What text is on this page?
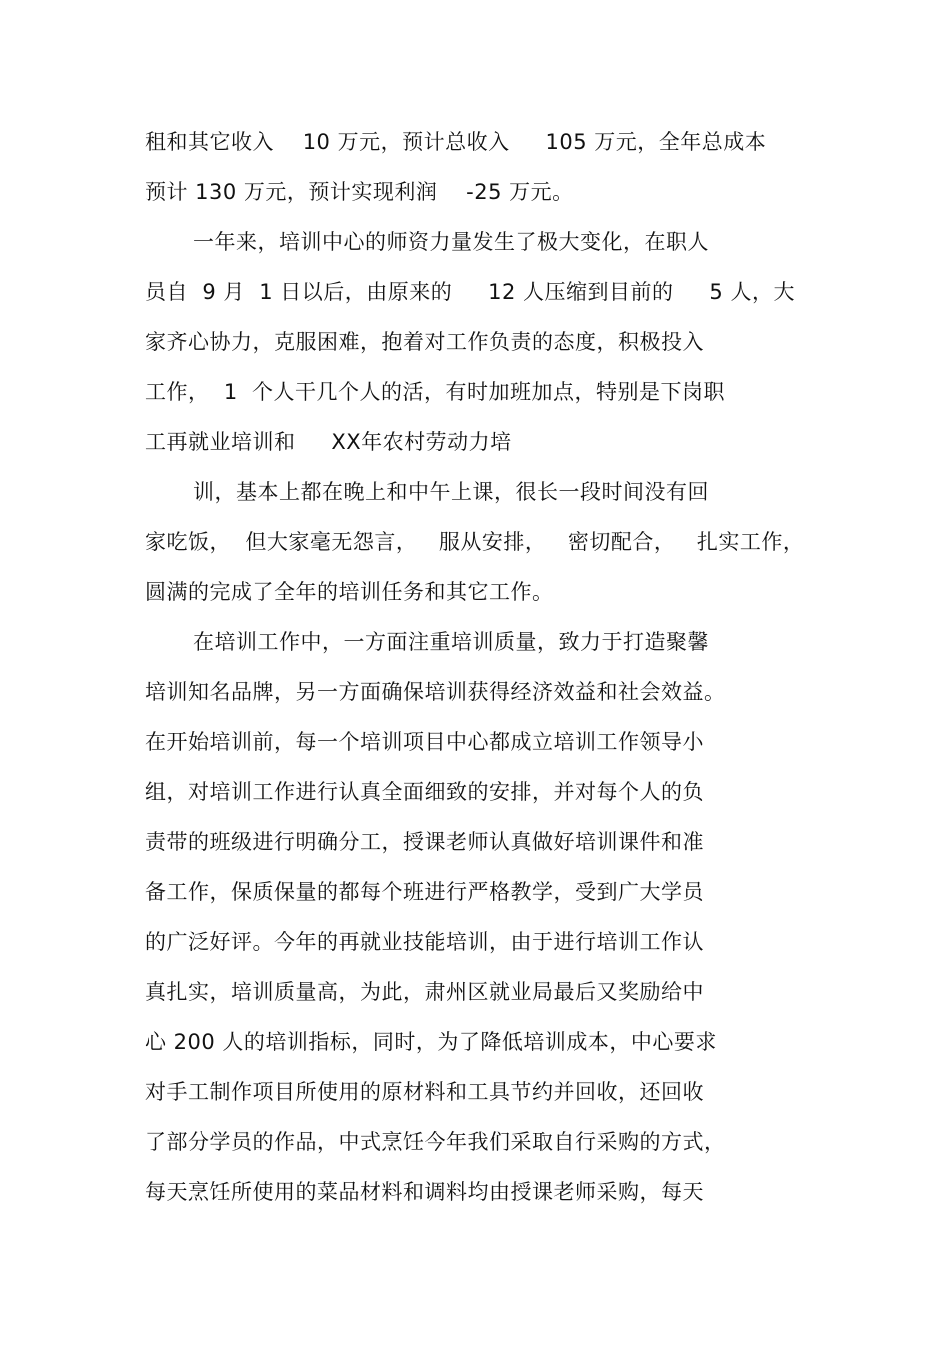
租和其它收入    10 万元，预计总收入     105 万元，全年总成本
预计 130 万元，预计实现利润    -25 万元。
一年来，培训中心的师资力量发生了极大变化，在职人
员自  9 月  1 日以后，由原来的     12 人压缩到目前的     5 人，大
家齐心协力，克服困难，抱着对工作负责的态度，积极投入
工作，  1  个人干几个人的活，有时加班加点，特别是下岗职
工再就业培训和     XX年农村劳动力培
训，基本上都在晚上和中午上课，很长一段时间没有回
家吃饭，  但大家毫无怨言，   服从安排，   密切配合，   扎实工作，
圆满的完成了全年的培训任务和其它工作。
在培训工作中，一方面注重培训质量，致力于打造聚馨
培训知名品牌，另一方面确保培训获得经济效益和社会效益。
在开始培训前，每一个培训项目中心都成立培训工作领导小
组，对培训工作进行认真全面细致的安排，并对每个人的负
责带的班级进行明确分工，授课老师认真做好培训课件和准
备工作，保质保量的都每个班进行严格教学，受到广大学员
的广泛好评。今年的再就业技能培训，由于进行培训工作认
真扎实，培训质量高，为此，肃州区就业局最后又奖励给中
心 200 人的培训指标，同时，为了降低培训成本，中心要求
对手工制作项目所使用的原材料和工具节约并回收，还回收
了部分学员的作品，中式烹饪今年我们采取自行采购的方式，
每天烹饪所使用的菜品材料和调料均由授课老师采购，每天
